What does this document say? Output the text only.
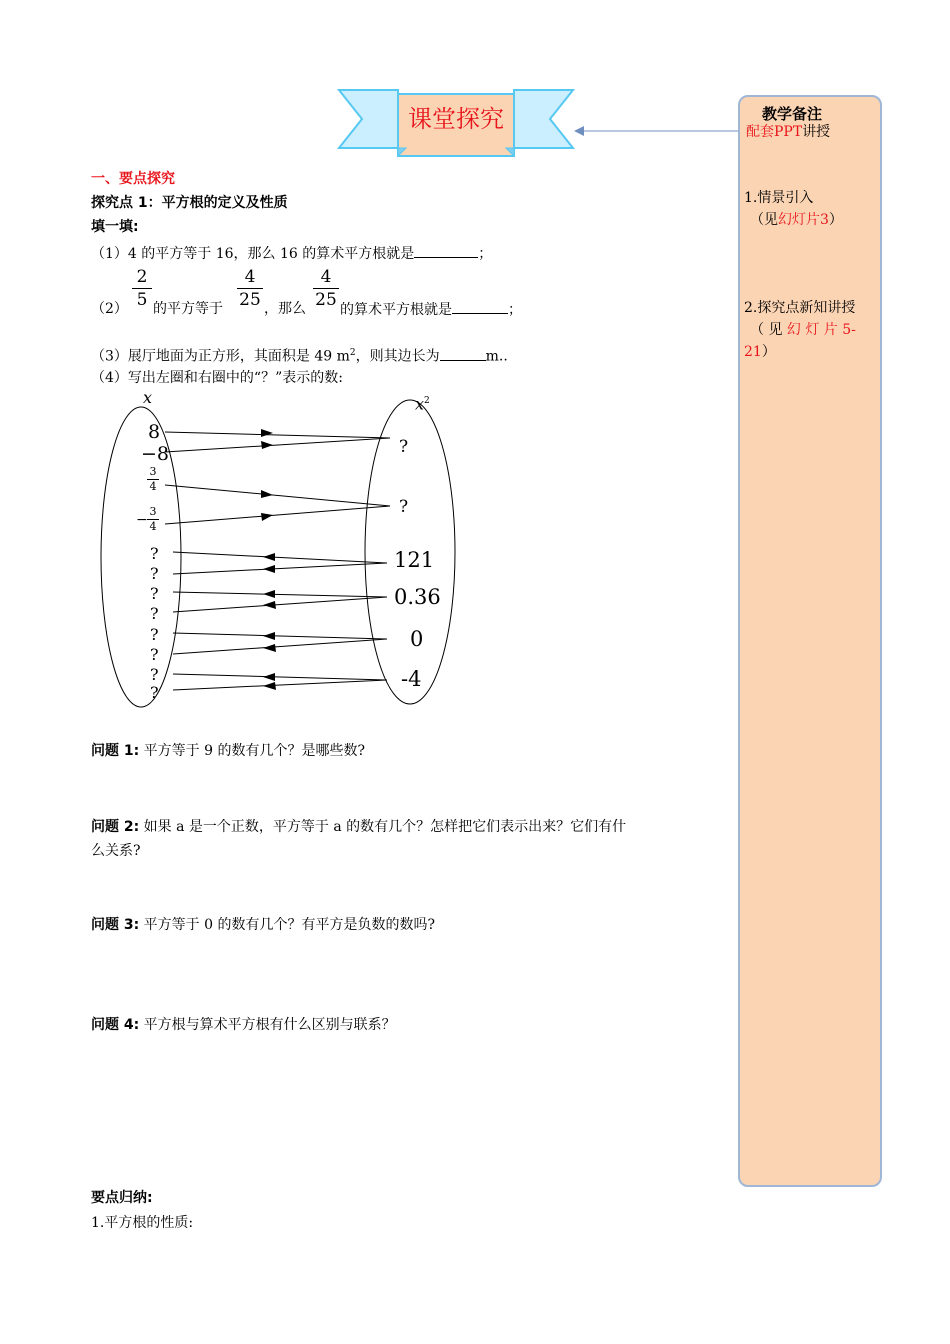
课堂探究	教学备注
配套PPT讲授
1.情景引入
（见幻灯片3）
2.探究点新知讲授
（ 见 幻 灯 片 5-
21）
一、要点探究
探究点 1：平方根的定义及性质
填一填:
（1）4 的平方等于 16，那么 16 的算术平方根就是	；
（2）
2
5 的平方等于
4
25 ，那么
4
25 的算术平方根就是	；
（3）展厅地面为正方形，其面积是 49 $m^2$，则其边长为	m..
（4）写出左圈和右圈中的“？”表示的数:
x	$x^2$
8
−8
3
4
−
3
4
?
?
?
?
?
?
?
?
?
?
121
0.36
0
-4
问题 1: 平方等于 9 的数有几个？是哪些数?
问题 2: 如果 a 是一个正数，平方等于 a 的数有几个？怎样把它们表示出来？它们有什
么关系?
问题 3: 平方等于 0 的数有几个？有平方是负数的数吗?
问题 4: 平方根与算术平方根有什么区别与联系？
要点归纳:
1.平方根的性质:
